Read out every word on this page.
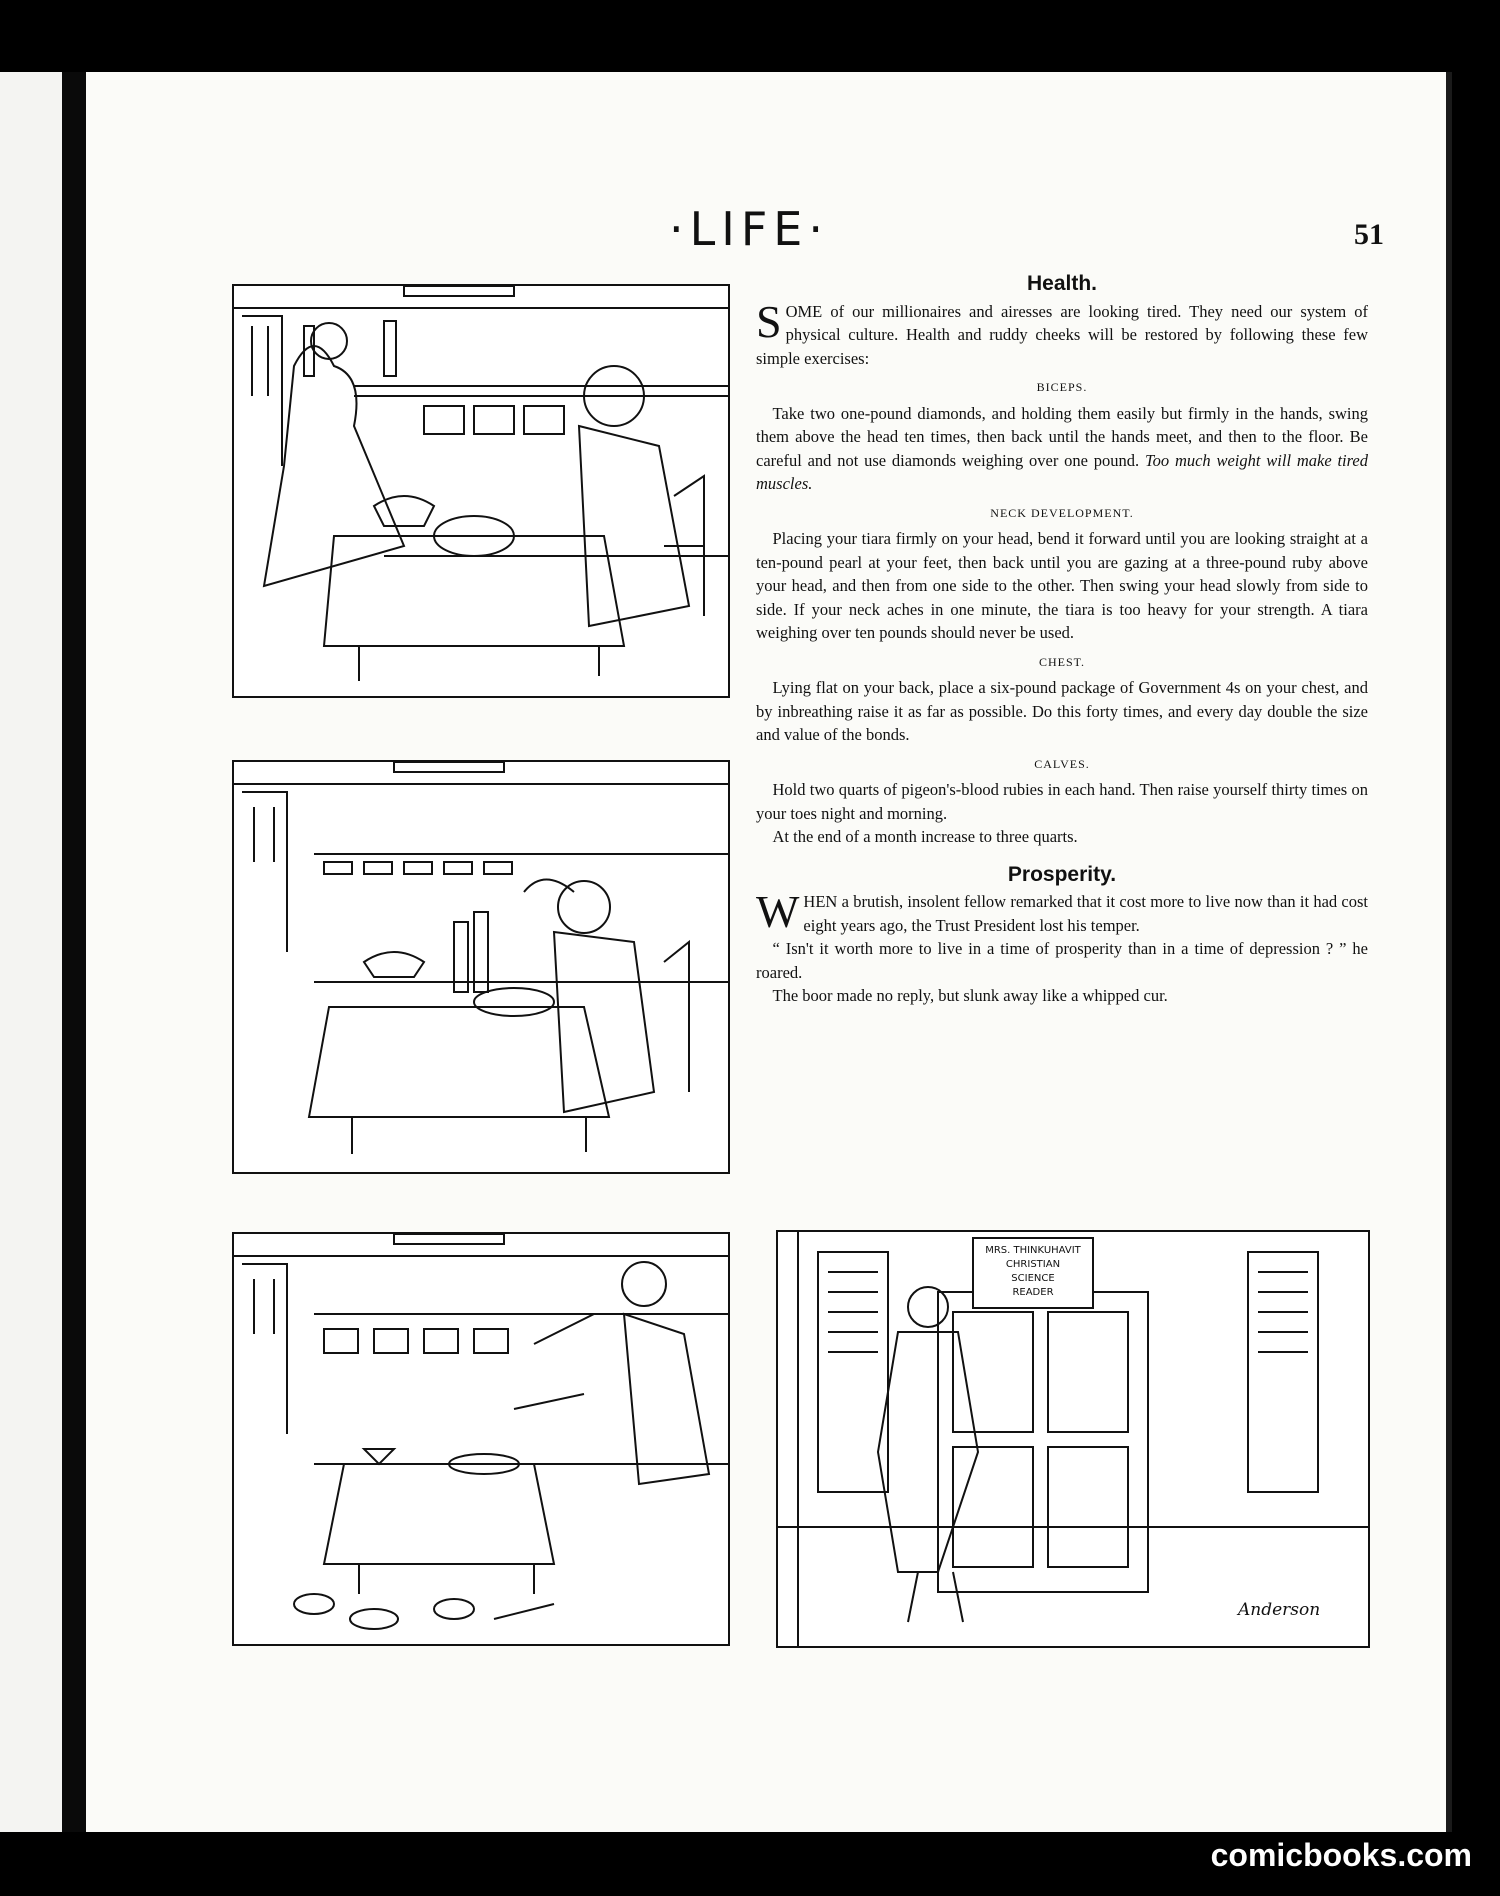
·LIFE·	51
MRS. THINKUHAVIT
CHRISTIAN
SCIENCE
READER
Anderson
Health.

SOME of our millionaires and airesses are looking tired. They need our system of physical culture. Health and ruddy cheeks will be restored by following these few simple exercises:

BICEPS.

 Take two one-pound diamonds, and holding them easily but firmly in the hands, swing them above the head ten times, then back until the hands meet, and then to the floor. Be careful and not use diamonds weighing over one pound. Too much weight will make tired muscles.

NECK DEVELOPMENT.

 Placing your tiara firmly on your head, bend it forward until you are looking straight at a ten-pound pearl at your feet, then back until you are gazing at a three-pound ruby above your head, and then from one side to the other. Then swing your head slowly from side to side. If your neck aches in one minute, the tiara is too heavy for your strength. A tiara weighing over ten pounds should never be used.

CHEST.

 Lying flat on your back, place a six-pound package of Government 4s on your chest, and by inbreathing raise it as far as possible. Do this forty times, and every day double the size and value of the bonds.

CALVES.

 Hold two quarts of pigeon's-blood rubies in each hand. Then raise yourself thirty times on your toes night and morning.

 At the end of a month increase to three quarts.

Prosperity.

WHEN a brutish, insolent fellow remarked that it cost more to live now than it had cost eight years ago, the Trust President lost his temper.

 “ Isn't it worth more to live in a time of prosperity than in a time of depression ? ” he roared.

 The boor made no reply, but slunk away like a whipped cur.

comicbooks.com
